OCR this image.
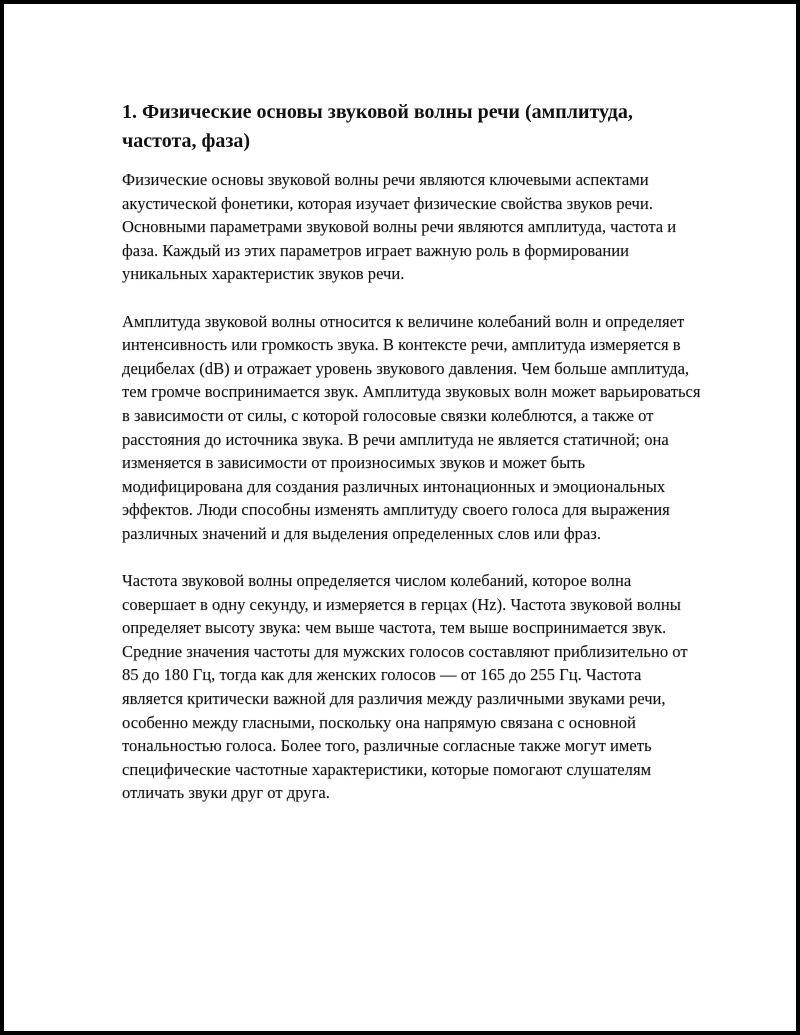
1. Физические основы звуковой волны речи (амплитуда, частота, фаза)

Физические основы звуковой волны речи являются ключевыми аспектами акустической фонетики, которая изучает физические свойства звуков речи. Основными параметрами звуковой волны речи являются амплитуда, частота и фаза. Каждый из этих параметров играет важную роль в формировании уникальных характеристик звуков речи.

Амплитуда звуковой волны относится к величине колебаний волн и определяет интенсивность или громкость звука. В контексте речи, амплитуда измеряется в децибелах (dB) и отражает уровень звукового давления. Чем больше амплитуда, тем громче воспринимается звук. Амплитуда звуковых волн может варьироваться в зависимости от силы, с которой голосовые связки колеблются, а также от расстояния до источника звука. В речи амплитуда не является статичной; она изменяется в зависимости от произносимых звуков и может быть модифицирована для создания различных интонационных и эмоциональных эффектов. Люди способны изменять амплитуду своего голоса для выражения различных значений и для выделения определенных слов или фраз.

Частота звуковой волны определяется числом колебаний, которое волна совершает в одну секунду, и измеряется в герцах (Hz). Частота звуковой волны определяет высоту звука: чем выше частота, тем выше воспринимается звук. Средние значения частоты для мужских голосов составляют приблизительно от 85 до 180 Гц, тогда как для женских голосов — от 165 до 255 Гц. Частота является критически важной для различия между различными звуками речи, особенно между гласными, поскольку она напрямую связана с основной тональностью голоса. Более того, различные согласные также могут иметь специфические частотные характеристики, которые помогают слушателям отличать звуки друг от друга.
